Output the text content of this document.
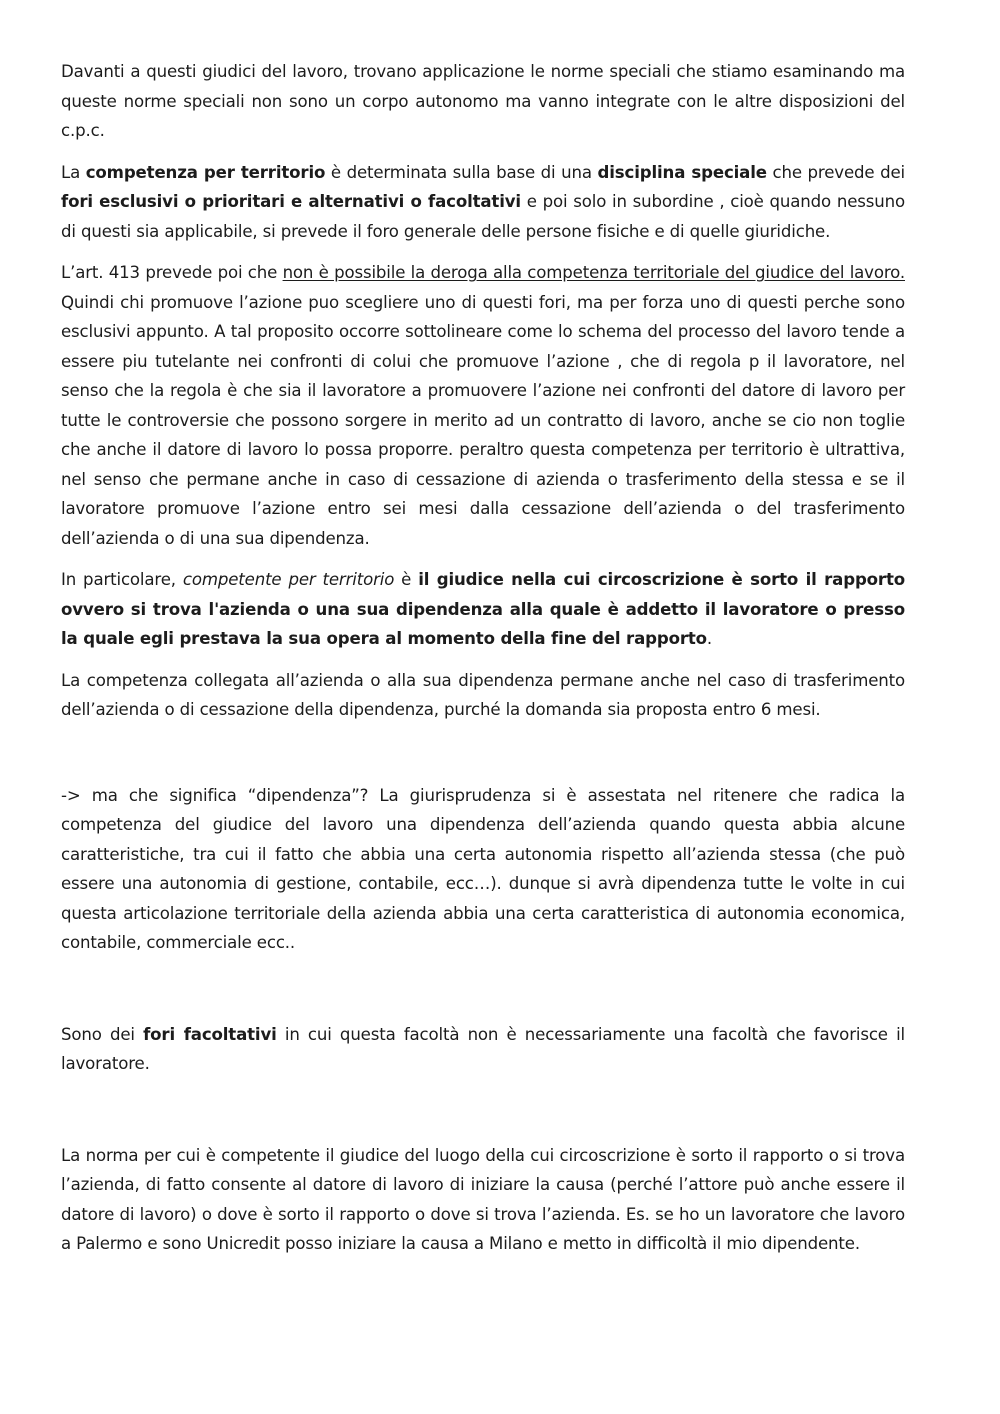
Davanti a questi giudici del lavoro, trovano applicazione le norme speciali che stiamo esaminando ma queste norme speciali non sono un corpo autonomo ma vanno integrate con le altre disposizioni del c.p.c.

La competenza per territorio è determinata sulla base di una disciplina speciale che prevede dei fori esclusivi o prioritari e alternativi o facoltativi e poi solo in subordine , cioè quando nessuno di questi sia applicabile, si prevede il foro generale delle persone fisiche e di quelle giuridiche.

L’art. 413 prevede poi che non è possibile la deroga alla competenza territoriale del giudice del lavoro. Quindi chi promuove l’azione puo scegliere uno di questi fori, ma per forza uno di questi perche sono esclusivi appunto. A tal proposito occorre sottolineare come lo schema del processo del lavoro tende a essere piu tutelante nei confronti di colui che promuove l’azione , che di regola p il lavoratore, nel senso che la regola è che sia il lavoratore a promuovere l’azione nei confronti del datore di lavoro per tutte le controversie che possono sorgere in merito ad un contratto di lavoro, anche se cio non toglie che anche il datore di lavoro lo possa proporre. peraltro questa competenza per territorio è ultrattiva, nel senso che permane anche in caso di cessazione di azienda o trasferimento della stessa e se il lavoratore promuove l’azione entro sei mesi dalla cessazione dell’azienda o del trasferimento dell’azienda o di una sua dipendenza.

In particolare, competente per territorio è il giudice nella cui circoscrizione è sorto il rapporto ovvero si trova l'azienda o una sua dipendenza alla quale è addetto il lavoratore o presso la quale egli prestava la sua opera al momento della fine del rapporto.

La competenza collegata all’azienda o alla sua dipendenza permane anche nel caso di trasferimento dell’azienda o di cessazione della dipendenza, purché la domanda sia proposta entro 6 mesi.

-> ma che significa “dipendenza”? La giurisprudenza si è assestata nel ritenere che radica la competenza del giudice del lavoro una dipendenza dell’azienda quando questa abbia alcune caratteristiche, tra cui il fatto che abbia una certa autonomia rispetto all’azienda stessa (che può essere una autonomia di gestione, contabile, ecc…). dunque si avrà dipendenza tutte le volte in cui questa articolazione territoriale della azienda abbia una certa caratteristica di autonomia economica, contabile, commerciale ecc..

Sono dei fori facoltativi in cui questa facoltà non è necessariamente una facoltà che favorisce il lavoratore.

La norma per cui è competente il giudice del luogo della cui circoscrizione è sorto il rapporto o si trova l’azienda, di fatto consente al datore di lavoro di iniziare la causa (perché l’attore può anche essere il datore di lavoro) o dove è sorto il rapporto o dove si trova l’azienda. Es. se ho un lavoratore che lavoro a Palermo e sono Unicredit posso iniziare la causa a Milano e metto in difficoltà il mio dipendente.
